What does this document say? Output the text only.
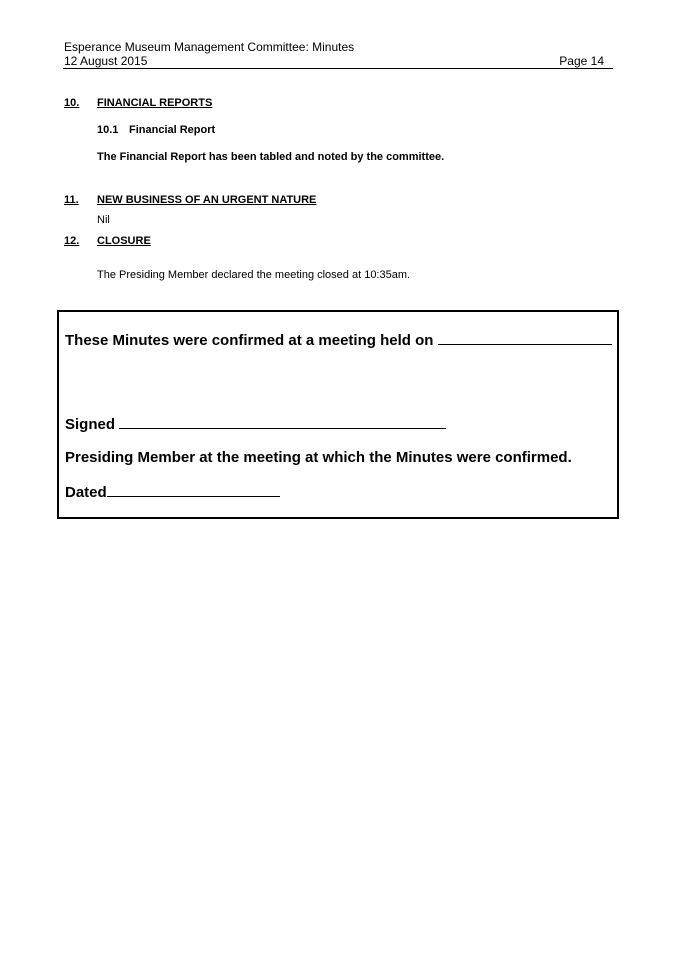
Esperance Museum Management Committee: Minutes
12 August 2015	Page 14
10. FINANCIAL REPORTS
10.1 Financial Report
The Financial Report has been tabled and noted by the committee.
11. NEW BUSINESS OF AN URGENT NATURE
Nil
12. CLOSURE
The Presiding Member declared the meeting closed at 10:35am.
These Minutes were confirmed at a meeting held on
Signed
Presiding Member at the meeting at which the Minutes were confirmed.
Dated
